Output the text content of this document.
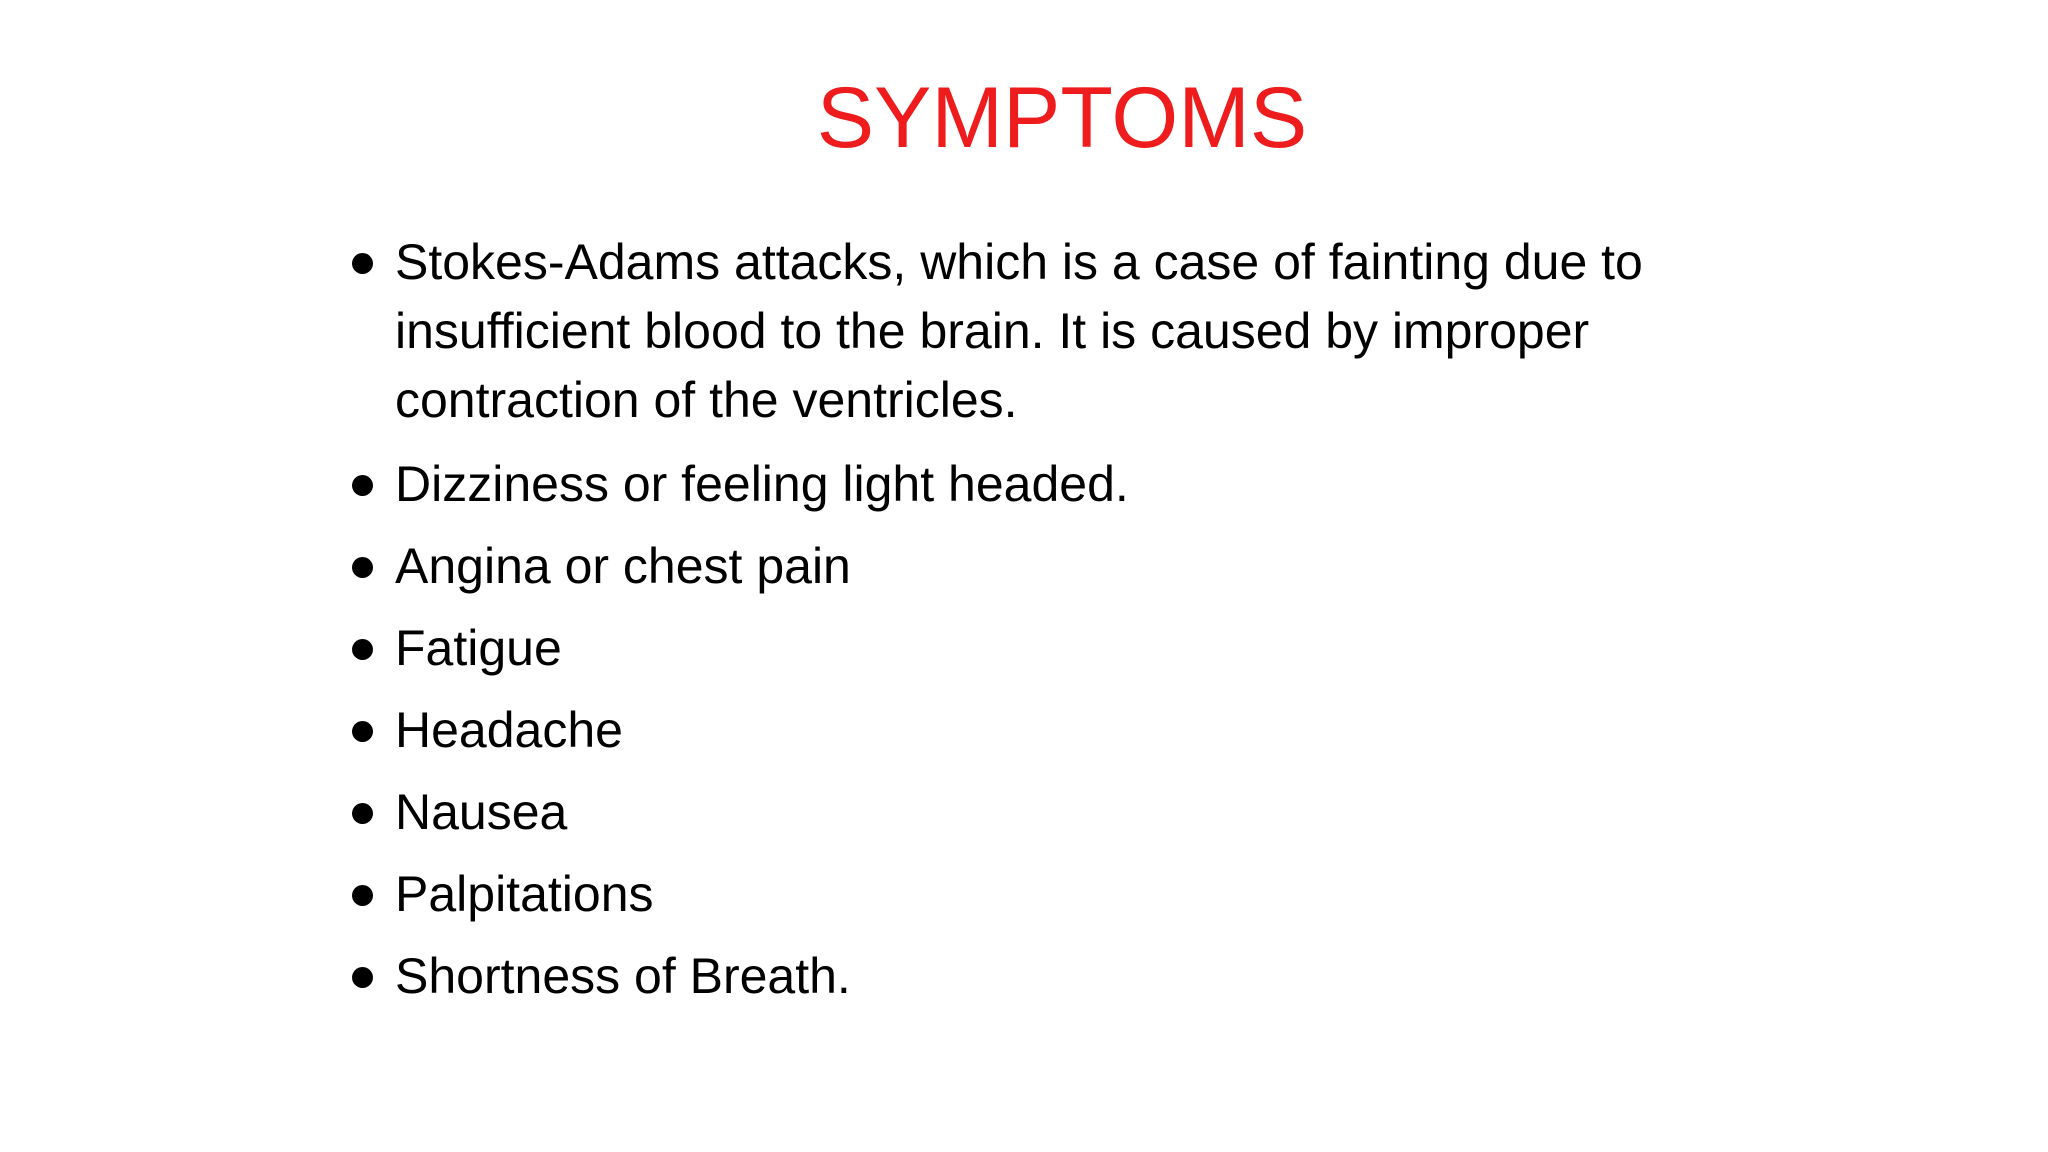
SYMPTOMS
Stokes-Adams attacks, which is a case of fainting due to insufficient blood to the brain. It is caused by improper contraction of the ventricles.
Dizziness or feeling light headed.
Angina or chest pain
Fatigue
Headache
Nausea
Palpitations
Shortness of Breath.
